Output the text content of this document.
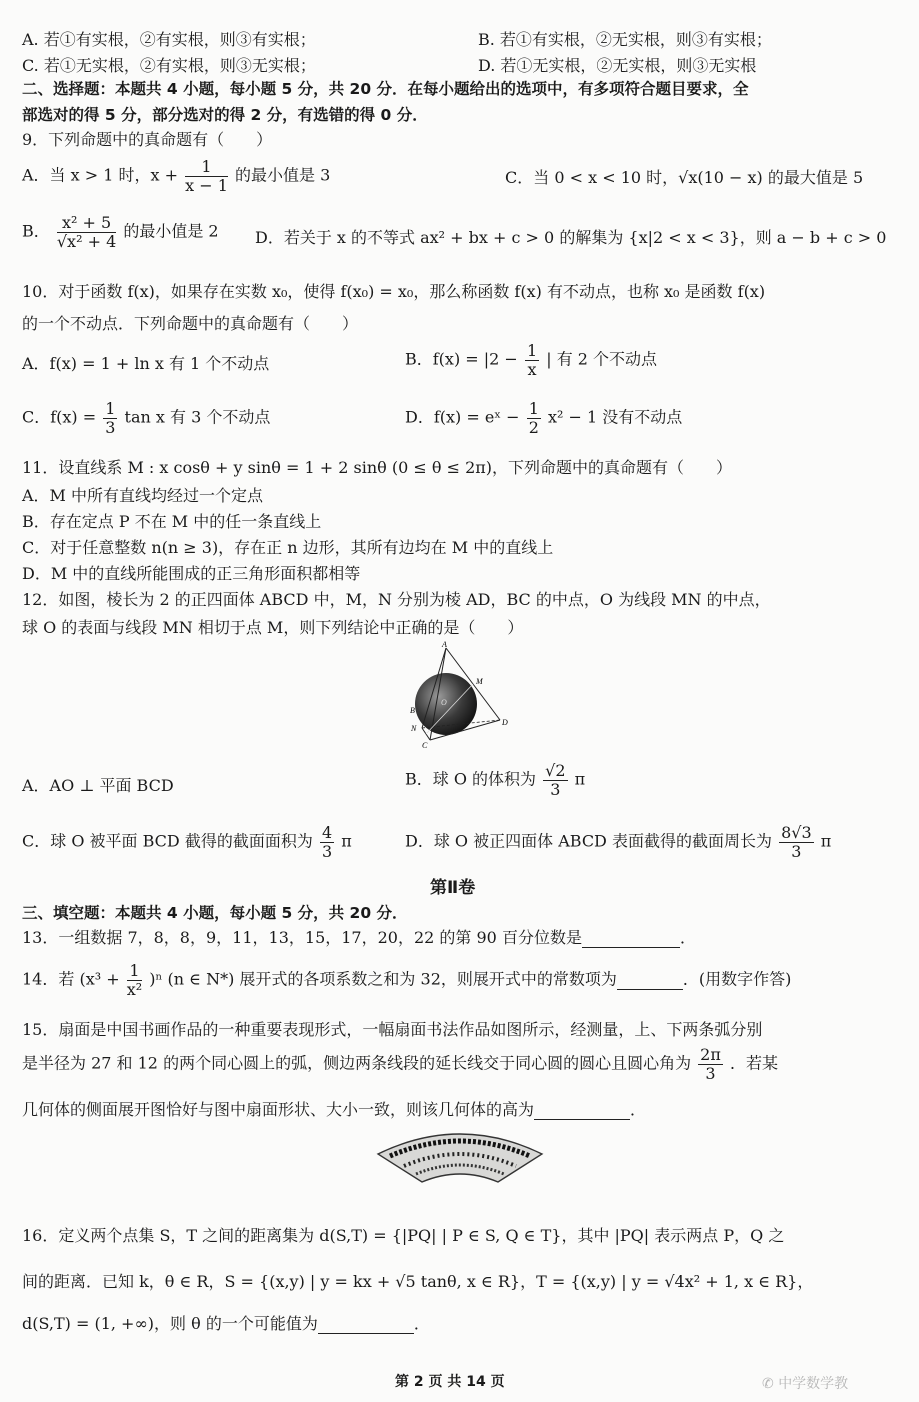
A. 若①有实根，②有实根，则③有实根；	B. 若①有实根，②无实根，则③有实根；
C. 若①无实根，②有实根，则③无实根；	D. 若①无实根，②无实根，则③无实根
二、选择题：本题共 4 小题，每小题 5 分，共 20 分．在每小题给出的选项中，有多项符合题目要求，全
部选对的得 5 分，部分选对的得 2 分，有选错的得 0 分．
9．下列命题中的真命题有（　　）
A．当 x > 1 时，$x + \frac{1}{x - 1}$ 的最小值是 3	C．当 0 < x < 10 时，√x(10 − x) 的最大值是 5
B． $\frac{\text{x² + 5}}{\text{√x² + 4}}$ 的最小值是 2 D．若关于 x 的不等式 ax² + bx + c > 0 的解集为 {x|2 < x < 3}，则 a − b + c > 0
10．对于函数 f(x)，如果存在实数 x₀，使得 f(x₀) = x₀，那么称函数 f(x) 有不动点，也称 x₀ 是函数 f(x)
的一个不动点．下列命题中的真命题有（　　）
A．f(x) = 1 + ln x 有 1 个不动点	B．$f(x) = |2 - \frac{1}{x}$ | 有 2 个不动点
C．$f(x) = \frac{1}{3}$ tan x 有 3 个不动点	D．f(x) = eˣ − $\frac{1}{2} x^2 - 1$ 没有不动点
11．设直线系 M : x cosθ + y sinθ = 1 + 2 sinθ (0 ≤ θ ≤ 2π)，下列命题中的真命题有（　　）
A．M 中所有直线均经过一个定点
B．存在定点 P 不在 M 中的任一条直线上
C．对于任意整数 n(n ≥ 3)，存在正 n 边形，其所有边均在 M 中的直线上
D．M 中的直线所能围成的正三角形面积都相等
12．如图，棱长为 2 的正四面体 ABCD 中，M，N 分别为棱 AD，BC 的中点，O 为线段 MN 的中点，
球 O 的表面与线段 MN 相切于点 M，则下列结论中正确的是（　　）
A
M
B
O
D
N
C
A．AO ⊥ 平面 BCD	B．球 O 的体积为 $\frac{√2}{3}$ π
C．球 O 被平面 BCD 截得的截面面积为 $\frac{4}{3}$ π	D．球 O 被正四面体 ABCD 表面截得的截面周长为 $\frac{8√3}{3}$ π
第Ⅱ卷
三、填空题：本题共 4 小题，每小题 5 分，共 20 分．
13．一组数据 7，8，8，9，11，13，15，17，20，22 的第 90 百分位数是	．
14．若 $(x^3 + \frac{1}{\text{x²}} )^n$ (n ∈ N*) 展开式的各项系数之和为 32，则展开式中的常数项为	．(用数字作答)
15．扇面是中国书画作品的一种重要表现形式，一幅扇面书法作品如图所示，经测量，上、下两条弧分别
是半径为 27 和 12 的两个同心圆上的弧，侧边两条线段的延长线交于同心圆的圆心且圆心角为 $\frac{2\pi}{3}$ ．若某
几何体的侧面展开图恰好与图中扇面形状、大小一致，则该几何体的高为	．
16．定义两个点集 S，T 之间的距离集为 d(S,T) = {|PQ| | P ∈ S, Q ∈ T}，其中 |PQ| 表示两点 P，Q 之
间的距离．已知 k，θ ∈ R，S = {(x,y) | y = kx + √5 tanθ, x ∈ R}，T = {(x,y) | y = √4x² + 1, x ∈ R}，
d(S,T) = (1, +∞)，则 θ 的一个可能值为	．
第 2 页 共 14 页	✆ 中学数学教
